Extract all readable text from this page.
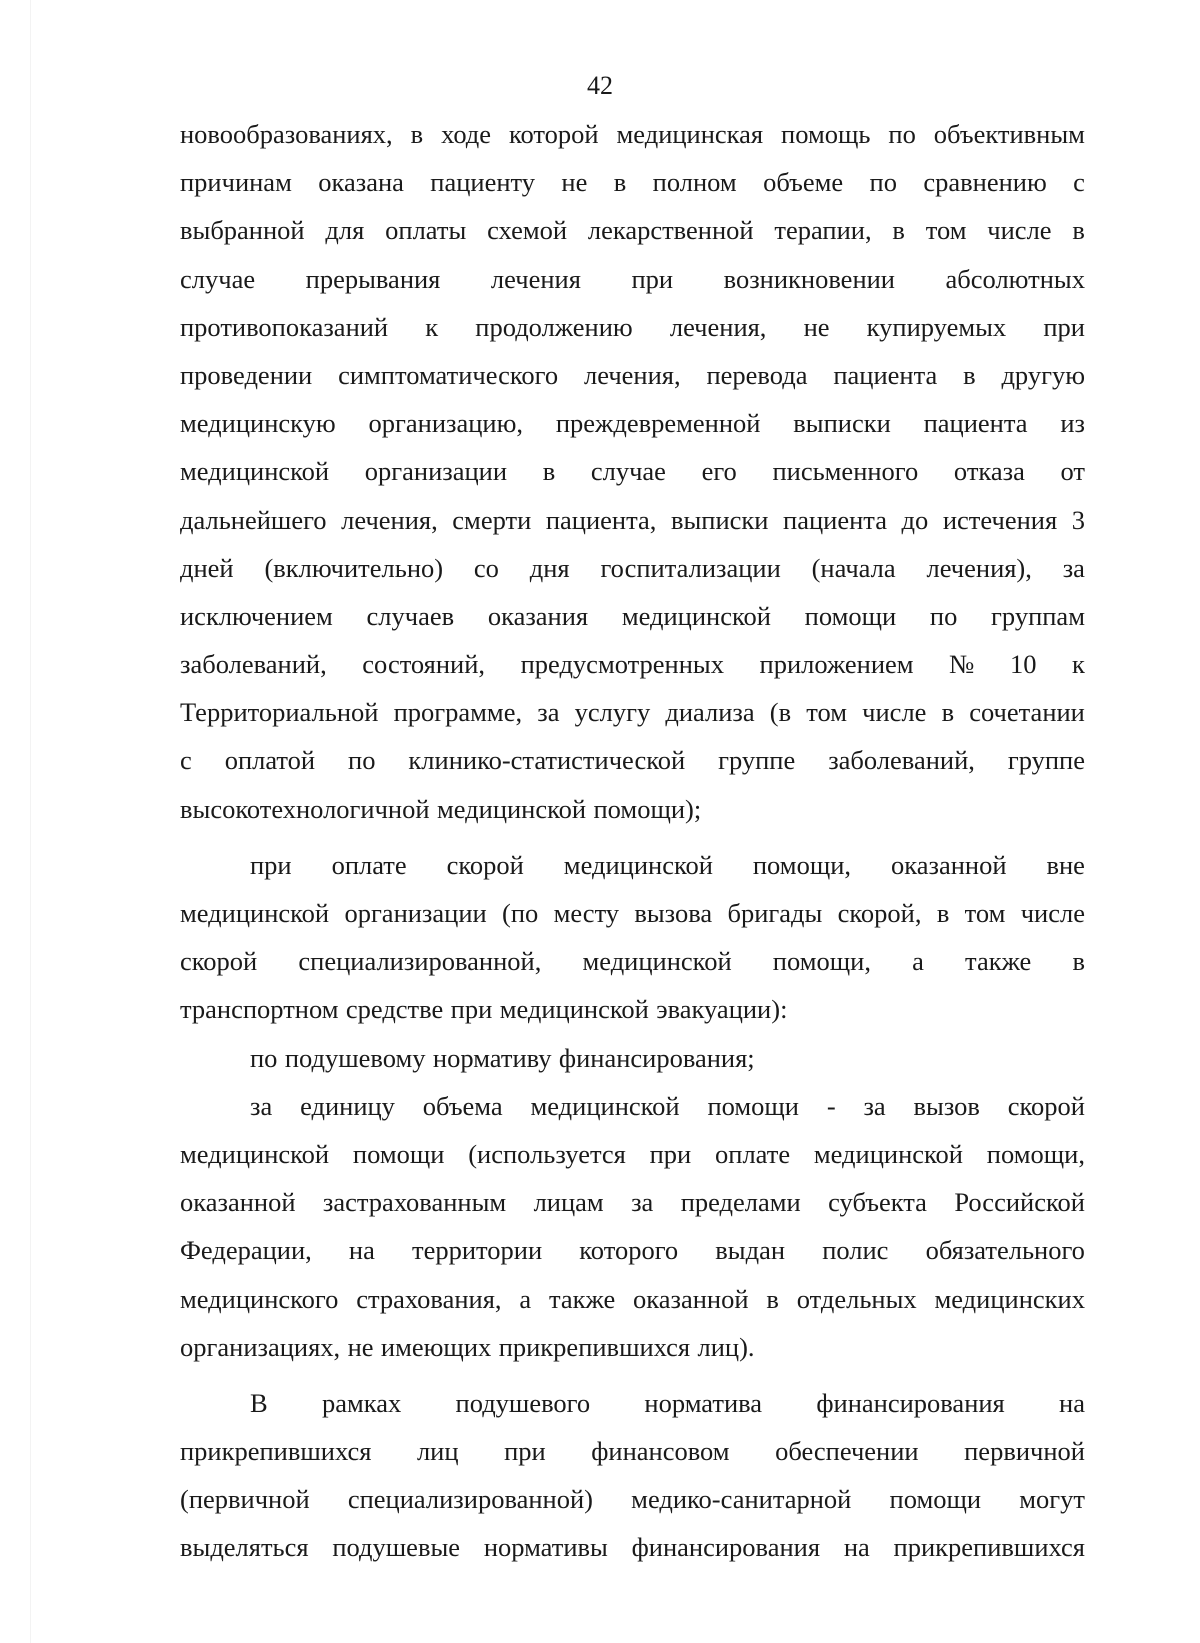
42
новообразованиях, в ходе которой медицинская помощь по объективным
причинам оказана пациенту не в полном объеме по сравнению с
выбранной для оплаты схемой лекарственной терапии, в том числе в
случае прерывания лечения при возникновении абсолютных
противопоказаний к продолжению лечения, не купируемых при
проведении симптоматического лечения, перевода пациента в другую
медицинскую организацию, преждевременной выписки пациента из
медицинской организации в случае его письменного отказа от
дальнейшего лечения, смерти пациента, выписки пациента до истечения 3
дней (включительно) со дня госпитализации (начала лечения), за
исключением случаев оказания медицинской помощи по группам
заболеваний, состояний, предусмотренных приложением № 10 к
Территориальной программе, за услугу диализа (в том числе в сочетании
с оплатой по клинико-статистической группе заболеваний, группе
высокотехнологичной медицинской помощи);
при оплате скорой медицинской помощи, оказанной вне
медицинской организации (по месту вызова бригады скорой, в том числе
скорой специализированной, медицинской помощи, а также в
транспортном средстве при медицинской эвакуации):
по подушевому нормативу финансирования;
за единицу объема медицинской помощи - за вызов скорой
медицинской помощи (используется при оплате медицинской помощи,
оказанной застрахованным лицам за пределами субъекта Российской
Федерации, на территории которого выдан полис обязательного
медицинского страхования, а также оказанной в отдельных медицинских
организациях, не имеющих прикрепившихся лиц).
В рамках подушевого норматива финансирования на
прикрепившихся лиц при финансовом обеспечении первичной
(первичной специализированной) медико-санитарной помощи могут
выделяться подушевые нормативы финансирования на прикрепившихся
